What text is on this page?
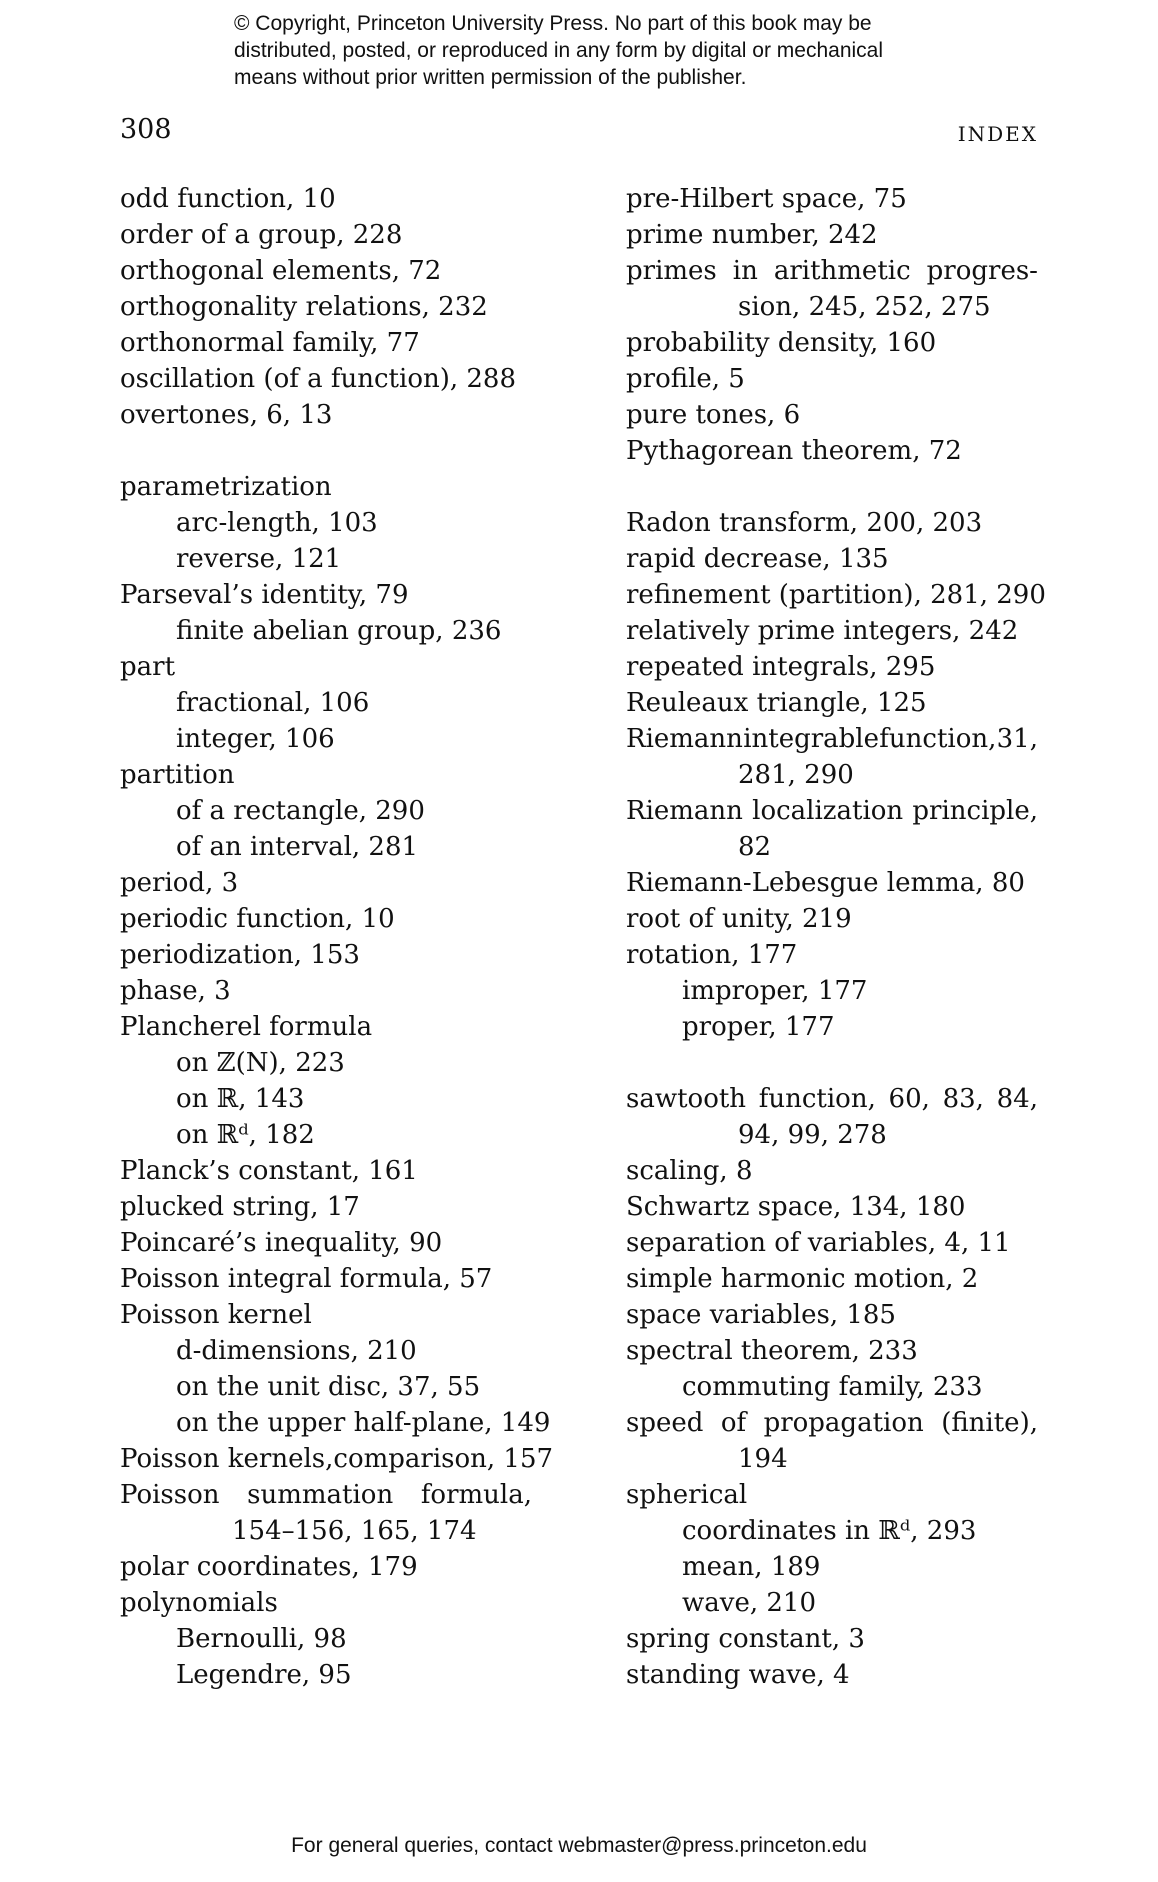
© Copyright, Princeton University Press. No part of this book may be
distributed, posted, or reproduced in any form by digital or mechanical
means without prior written permission of the publisher.
308	INDEX
odd function, 10
order of a group, 228
orthogonal elements, 72
orthogonality relations, 232
orthonormal family, 77
oscillation (of a function), 288
overtones, 6, 13
parametrization
arc-length, 103
reverse, 121
Parseval’s identity, 79
finite abelian group, 236
part
fractional, 106
integer, 106
partition
of a rectangle, 290
of an interval, 281
period, 3
periodic function, 10
periodization, 153
phase, 3
Plancherel formula
on ℤ(N), 223
on ℝ, 143
on ℝᵈ, 182
Planck’s constant, 161
plucked string, 17
Poincaré’s inequality, 90
Poisson integral formula, 57
Poisson kernel
d-dimensions, 210
on the unit disc, 37, 55
on the upper half-plane, 149
Poisson kernels,comparison, 157
Poisson summation formula,
154–156, 165, 174
polar coordinates, 179
polynomials
Bernoulli, 98
Legendre, 95
pre-Hilbert space, 75
prime number, 242
primes in arithmetic progres-
sion, 245, 252, 275
probability density, 160
profile, 5
pure tones, 6
Pythagorean theorem, 72
Radon transform, 200, 203
rapid decrease, 135
refinement (partition), 281, 290
relatively prime integers, 242
repeated integrals, 295
Reuleaux triangle, 125
Riemann integrable function, 31,
281, 290
Riemann localization principle,
82
Riemann-Lebesgue lemma, 80
root of unity, 219
rotation, 177
improper, 177
proper, 177
sawtooth function, 60, 83, 84,
94, 99, 278
scaling, 8
Schwartz space, 134, 180
separation of variables, 4, 11
simple harmonic motion, 2
space variables, 185
spectral theorem, 233
commuting family, 233
speed of propagation (finite),
194
spherical
coordinates in ℝᵈ, 293
mean, 189
wave, 210
spring constant, 3
standing wave, 4
For general queries, contact webmaster@press.princeton.edu
